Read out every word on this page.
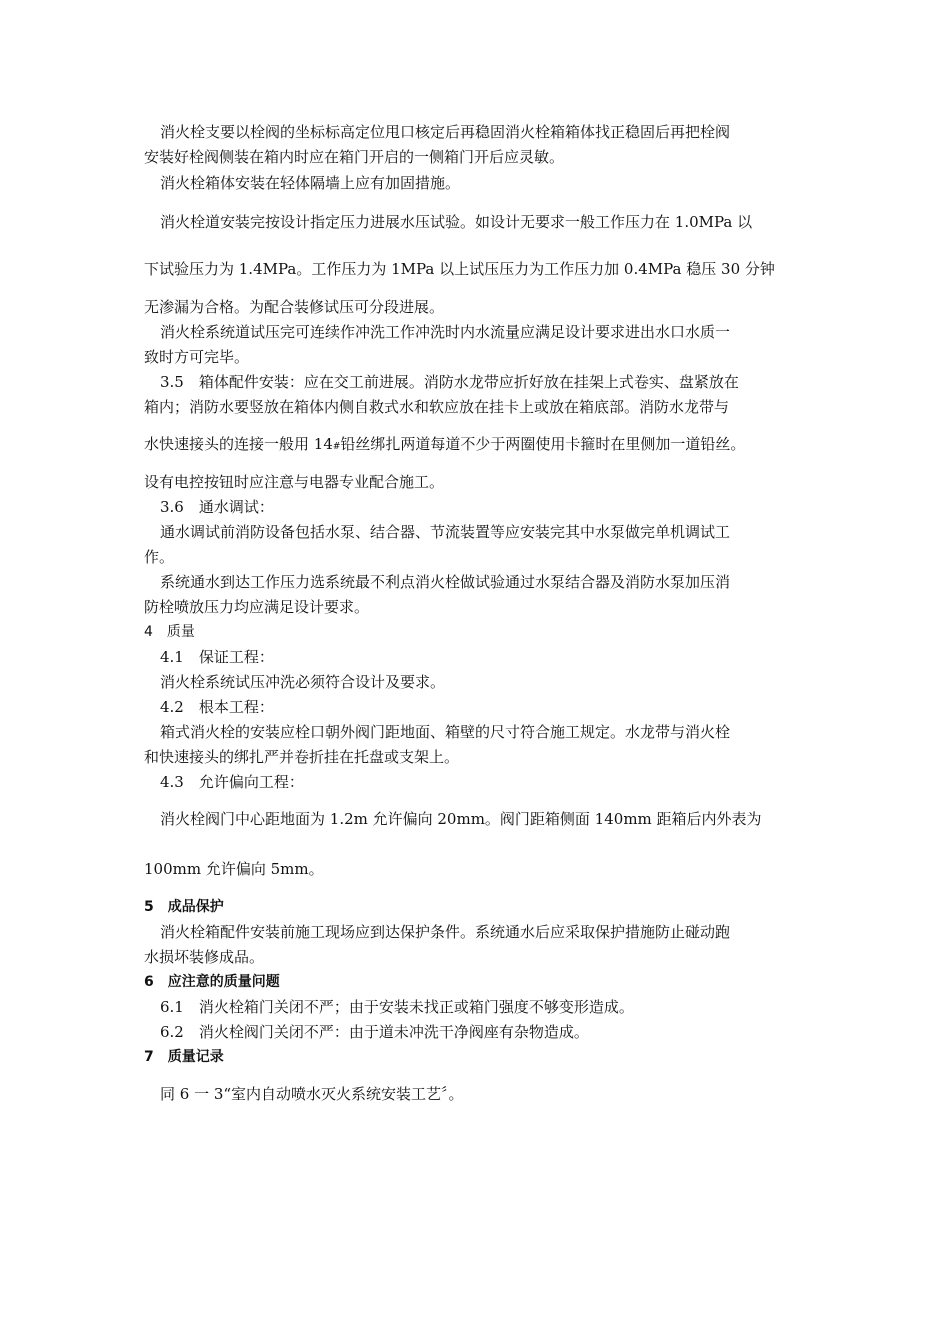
消火栓支要以栓阀的坐标标高定位甩口核定后再稳固消火栓箱箱体找正稳固后再把栓阀
安装好栓阀侧装在箱内时应在箱门开启的一侧箱门开后应灵敏。
消火栓箱体安装在轻体隔墙上应有加固措施。
消火栓道安装完按设计指定压力进展水压试验。如设计无要求一般工作压力在 1.0MPa 以
下试验压力为 1.4MPa。工作压力为 1MPa 以上试压压力为工作压力加 0.4MPa 稳压 30 分钟
无渗漏为合格。为配合装修试压可分段进展。
消火栓系统道试压完可连续作冲洗工作冲洗时内水流量应满足设计要求进出水口水质一
致时方可完毕。
3.5　箱体配件安装：应在交工前进展。消防水龙带应折好放在挂架上式卷实、盘紧放在
箱内；消防水要竖放在箱体内侧自救式水和软应放在挂卡上或放在箱底部。消防水龙带与
水快速接头的连接一般用 14#铅丝绑扎两道每道不少于两圈使用卡箍时在里侧加一道铅丝。
设有电控按钮时应注意与电器专业配合施工。
3.6　通水调试：
通水调试前消防设备包括水泵、结合器、节流装置等应安装完其中水泵做完单机调试工
作。
系统通水到达工作压力选系统最不利点消火栓做试验通过水泵结合器及消防水泵加压消
防栓喷放压力均应满足设计要求。
4　质量
4.1　保证工程：
消火栓系统试压冲洗必须符合设计及要求。
4.2　根本工程：
箱式消火栓的安装应栓口朝外阀门距地面、箱壁的尺寸符合施工规定。水龙带与消火栓
和快速接头的绑扎严并卷折挂在托盘或支架上。
4.3　允许偏向工程：
消火栓阀门中心距地面为 1.2m 允许偏向 20mm。阀门距箱侧面 140mm 距箱后内外表为
100mm 允许偏向 5mm。
5　成品保护
消火栓箱配件安装前施工现场应到达保护条件。系统通水后应采取保护措施防止碰动跑
水损坏装修成品。
6　应注意的质量问题
6.1　消火栓箱门关闭不严；由于安装未找正或箱门强度不够变形造成。
6.2　消火栓阀门关闭不严：由于道未冲洗干净阀座有杂物造成。
7　质量记录
同 6 一 3“室内自动喷水灭火系统安装工艺〞。
